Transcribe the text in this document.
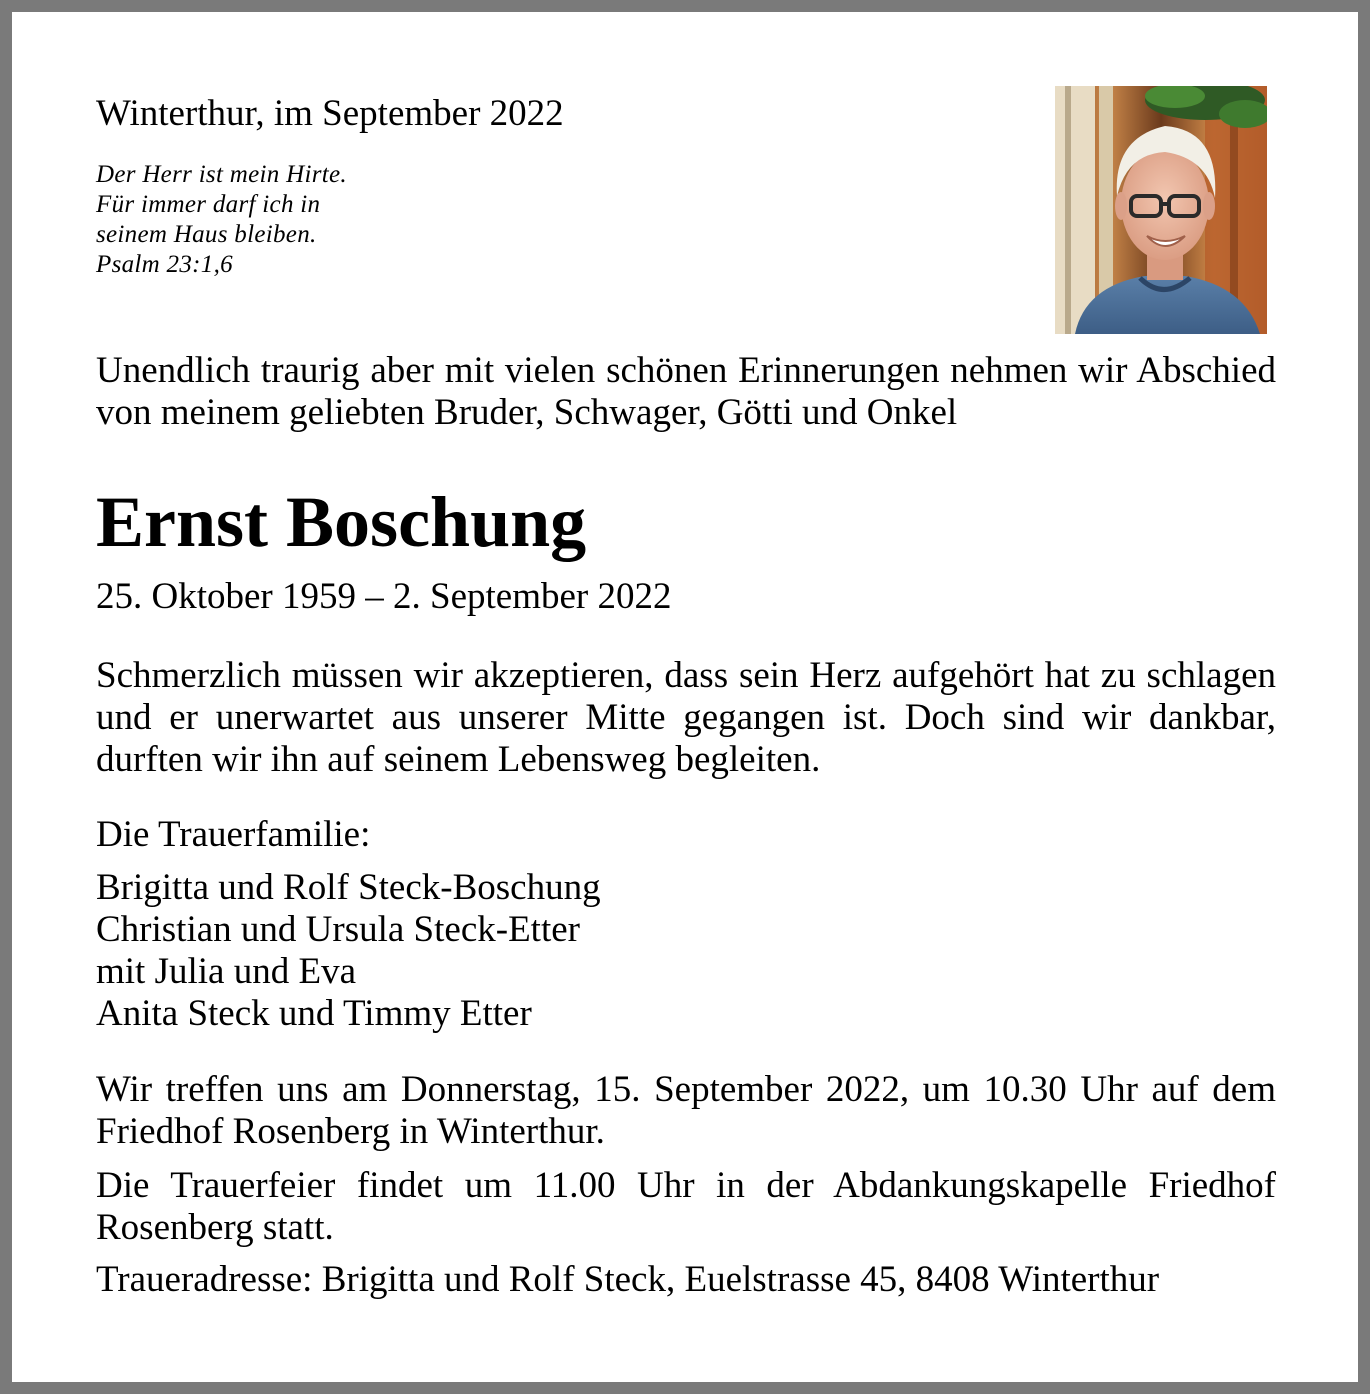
Winterthur, im September 2022
Der Herr ist mein Hirte.
Für immer darf ich in
seinem Haus bleiben.
Psalm 23:1,6

Unendlich traurig aber mit vielen schönen Erinnerungen nehmen wir Abschied von meinem geliebten Bruder, Schwager, Götti und Onkel

Ernst Boschung
25. Oktober 1959 – 2. September 2022

Schmerzlich müssen wir akzeptieren, dass sein Herz aufgehört hat zu schlagen und er unerwartet aus unserer Mitte gegangen ist. Doch sind wir dankbar, durften wir ihn auf seinem Lebensweg begleiten.

Die Trauerfamilie:
Brigitta und Rolf Steck-Boschung
Christian und Ursula Steck-Etter
mit Julia und Eva
Anita Steck und Timmy Etter

Wir treffen uns am Donnerstag, 15. September 2022, um 10.30 Uhr auf dem Friedhof Rosenberg in Winterthur.

Die Trauerfeier findet um 11.00 Uhr in der Abdankungskapelle Friedhof Rosenberg statt.

Traueradresse: Brigitta und Rolf Steck, Euelstrasse 45, 8408 Winterthur
